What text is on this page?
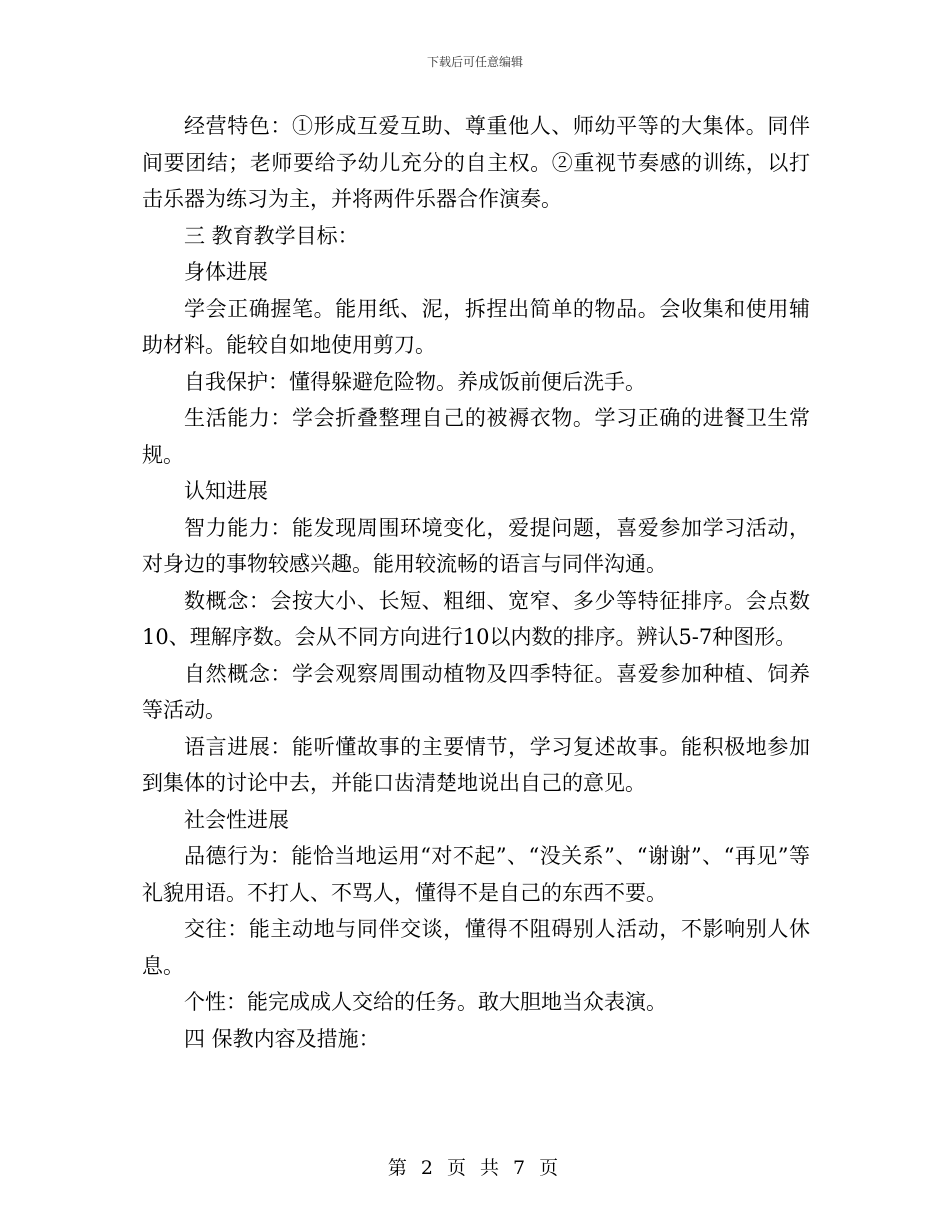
下载后可任意编辑

经营特色：①形成互爱互助、尊重他人、师幼平等的大集体。同伴间要团结；老师要给予幼儿充分的自主权。②重视节奏感的训练，以打击乐器为练习为主，并将两件乐器合作演奏。

三 教育教学目标：

身体进展

学会正确握笔。能用纸、泥，拆捏出简单的物品。会收集和使用辅助材料。能较自如地使用剪刀。

自我保护：懂得躲避危险物。养成饭前便后洗手。

生活能力：学会折叠整理自己的被褥衣物。学习正确的进餐卫生常规。

认知进展

智力能力：能发现周围环境变化，爱提问题，喜爱参加学习活动，对身边的事物较感兴趣。能用较流畅的语言与同伴沟通。

数概念：会按大小、长短、粗细、宽窄、多少等特征排序。会点数10、理解序数。会从不同方向进行10以内数的排序。辨认5-7种图形。

自然概念：学会观察周围动植物及四季特征。喜爱参加种植、饲养等活动。

语言进展：能听懂故事的主要情节，学习复述故事。能积极地参加到集体的讨论中去，并能口齿清楚地说出自己的意见。

社会性进展

品德行为：能恰当地运用“对不起”、“没关系”、“谢谢”、“再见”等礼貌用语。不打人、不骂人，懂得不是自己的东西不要。

交往：能主动地与同伴交谈，懂得不阻碍别人活动，不影响别人休息。

个性：能完成成人交给的任务。敢大胆地当众表演。

四 保教内容及措施：

第 2 页 共 7 页
